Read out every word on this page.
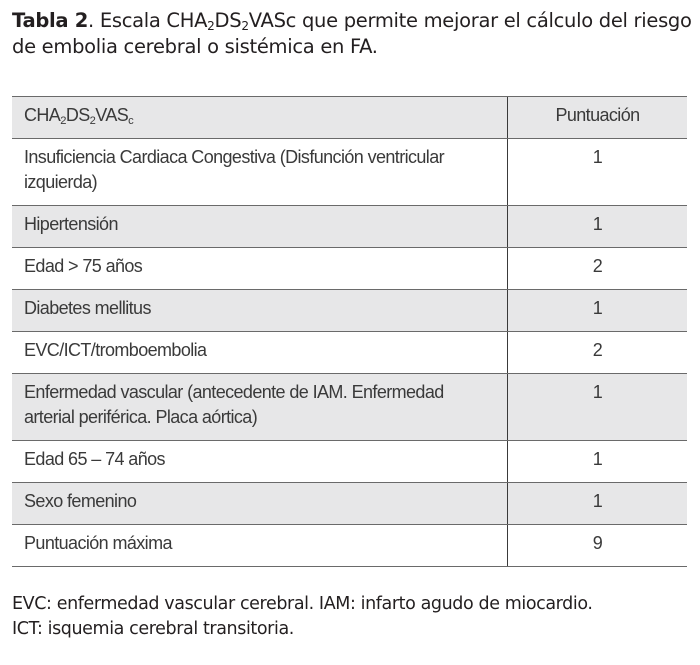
Tabla 2. Escala $CHA_2DS_2VASc$ que permite mejorar el cálculo del riesgo de embolia cerebral o sistémica en FA.
$CHA_2DS_2VAS_c$	Puntuación
Insuficiencia Cardiaca Congestiva (Disfunción ventricular izquierda)	1
Hipertensión	1
Edad > 75 años	2
Diabetes mellitus	1
EVC/ICT/tromboembolia	2
Enfermedad vascular (antecedente de IAM. Enfermedad arterial periférica. Placa aórtica)	1
Edad 65 – 74 años	1
Sexo femenino	1
Puntuación máxima	9
EVC: enfermedad vascular cerebral. IAM: infarto agudo de miocardio.
ICT: isquemia cerebral transitoria.
